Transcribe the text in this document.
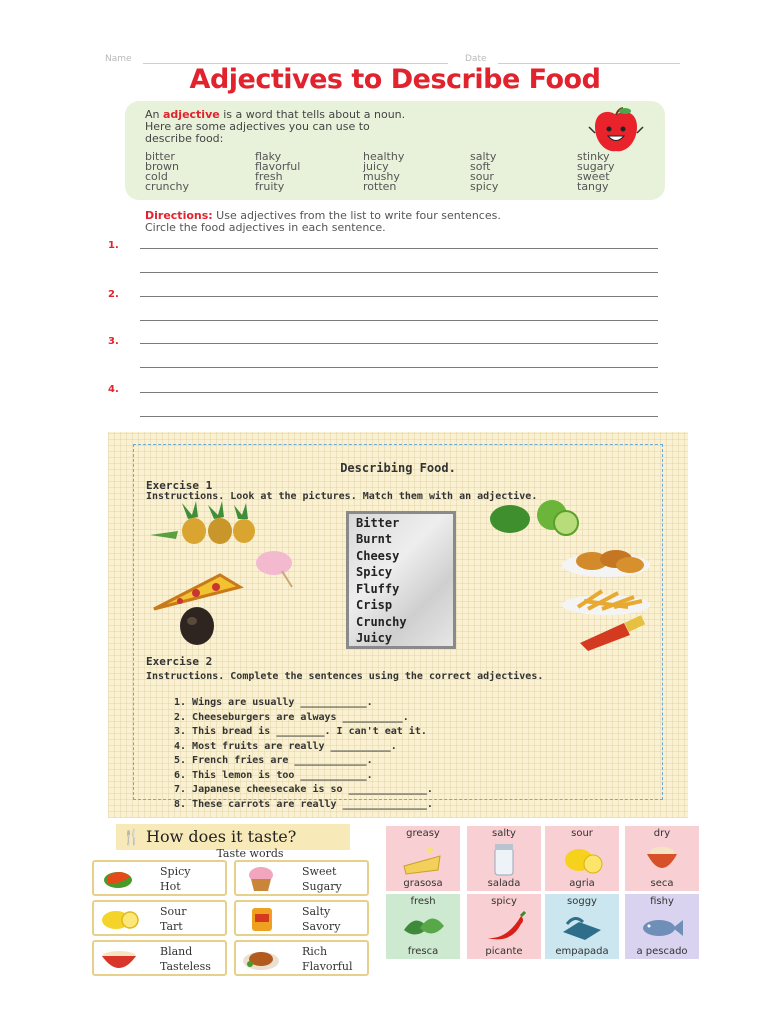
Name	Date
Adjectives to Describe Food
An adjective is a word that tells about a noun.
Here are some adjectives you can use to
describe food:
bitter
brown
cold
crunchy
flaky
flavorful
fresh
fruity
healthy
juicy
mushy
rotten
salty
soft
sour
spicy
stinky
sugary
sweet
tangy
Directions: Use adjectives from the list to write four sentences.
Circle the food adjectives in each sentence.
1.
2.
3.
4.
Describing Food.
Exercise 1
Instructions. Look at the pictures. Match them with an adjective.
Bitter
Burnt
Cheesy
Spicy
Fluffy
Crisp
Crunchy
Juicy
Exercise 2
Instructions. Complete the sentences using the correct adjectives.
1. Wings are usually ___________.
2. Cheeseburgers are always __________.
3. This bread is ________. I can't eat it.
4. Most fruits are really __________.
5. French fries are ____________.
6. This lemon is too ___________.
7. Japanese cheesecake is so _____________.
8. These carrots are really ______________.
🍴 How does it taste?
Taste words
Spicy
Hot
Sweet
Sugary
Sour
Tart
Salty
Savory
Bland
Tasteless
Rich
Flavorful
greasy
grasosa
salty
salada
sour
agria
dry
seca
fresh
fresca
spicy
picante
soggy
empapada
fishy
a pescado
